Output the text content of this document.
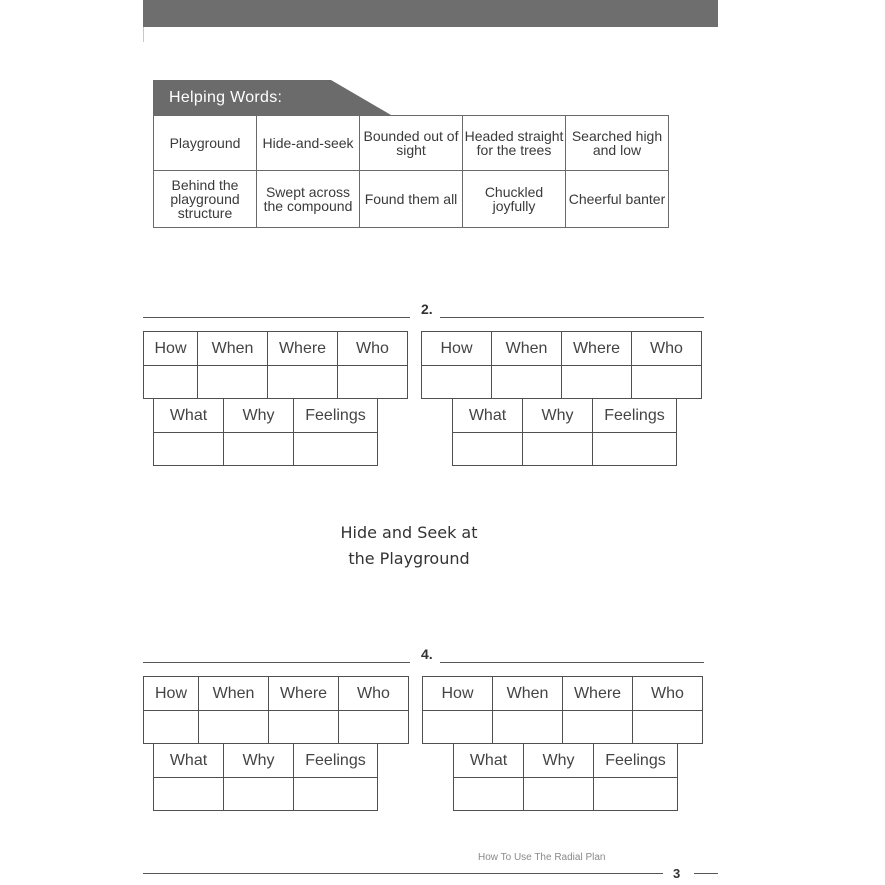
Helping Words:
Playground	Hide-and-seek	Bounded out of sight	Headed straight for the trees	Searched high and low
Behind the playground structure	Swept across the compound	Found them all	Chuckled joyfully	Cheerful banter
How	When	Where	Who

What	Why	Feelings

2.
How	When	Where	Who

What	Why	Feelings

Hide and Seek at
the Playground
How	When	Where	Who

What	Why	Feelings

4.
How	When	Where	Who

What	Why	Feelings

How To Use The Radial Plan
3
